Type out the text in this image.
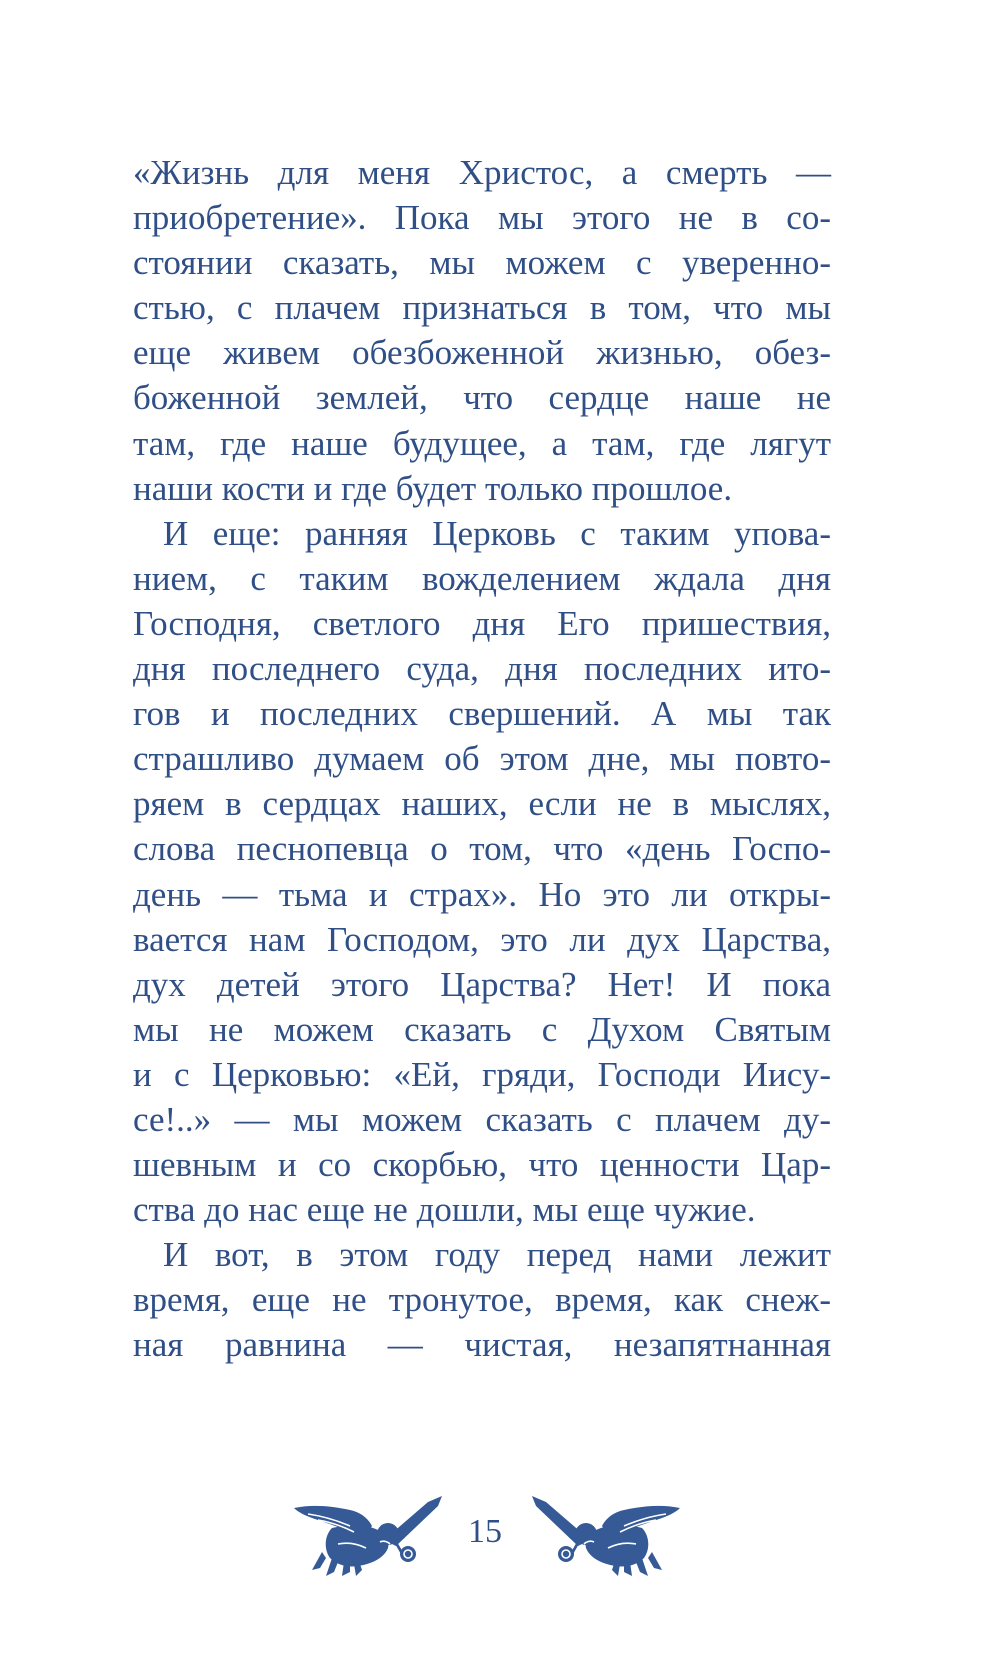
«Жизнь для меня Христос, а смерть —
приобретение». Пока мы этого не в со-
стоянии сказать, мы можем с уверенно-
стью, с плачем признаться в том, что мы
еще живем обезбоженной жизнью, обез-
боженной землей, что сердце наше не
там, где наше будущее, а там, где лягут
наши кости и где будет только прошлое.
И еще: ранняя Церковь с таким упова-
нием, с таким вожделением ждала дня
Господня, светлого дня Его пришествия,
дня последнего суда, дня последних ито-
гов и последних свершений. А мы так
страшливо думаем об этом дне, мы повто-
ряем в сердцах наших, если не в мыслях,
слова песнопевца о том, что «день Госпо-
день — тьма и страх». Но это ли откры-
вается нам Господом, это ли дух Царства,
дух детей этого Царства? Нет! И пока
мы не можем сказать с Духом Святым
и с Церковью: «Ей, гряди, Господи Иису-
се!..» — мы можем сказать с плачем ду-
шевным и со скорбью, что ценности Цар-
ства до нас еще не дошли, мы еще чужие.
И вот, в этом году перед нами лежит
время, еще не тронутое, время, как снеж-
ная равнина — чистая, незапятнанная
15
